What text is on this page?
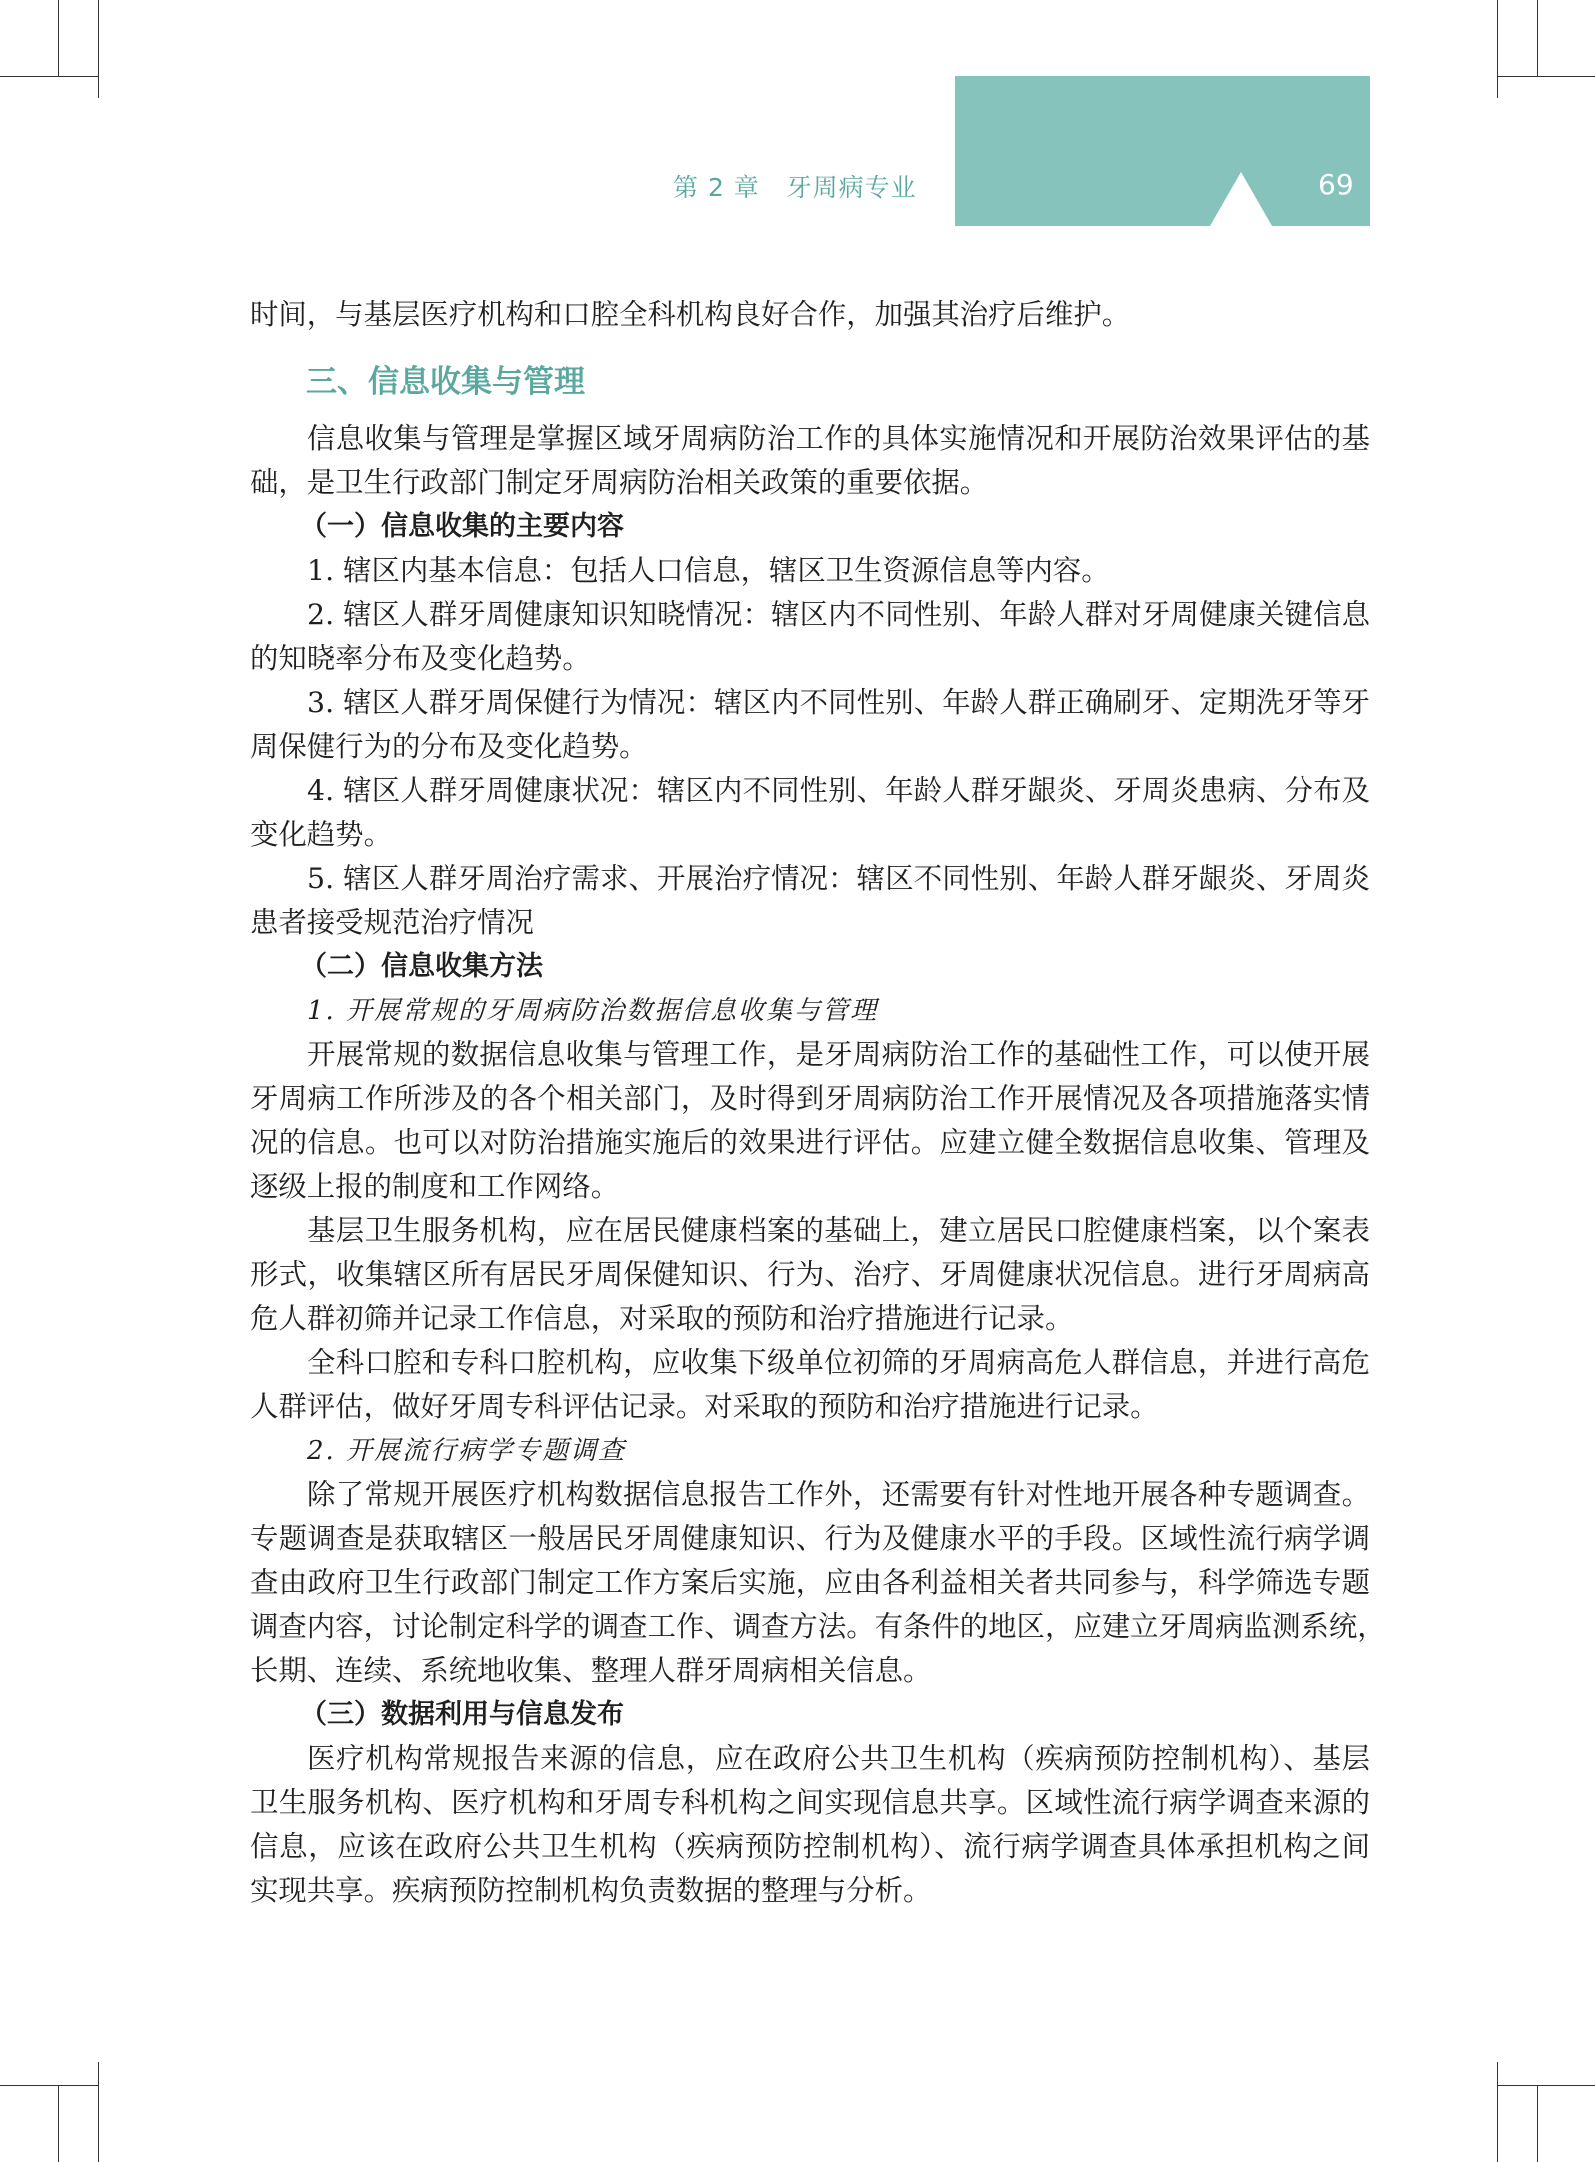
69
第 2 章   牙周病专业

时间，与基层医疗机构和口腔全科机构良好合作，加强其治疗后维护。

三、信息收集与管理

信息收集与管理是掌握区域牙周病防治工作的具体实施情况和开展防治效果评估的基

础，是卫生行政部门制定牙周病防治相关政策的重要依据。

（一）信息收集的主要内容

1. 辖区内基本信息：包括人口信息，辖区卫生资源信息等内容。

2. 辖区人群牙周健康知识知晓情况：辖区内不同性别、年龄人群对牙周健康关键信息

的知晓率分布及变化趋势。

3. 辖区人群牙周保健行为情况：辖区内不同性别、年龄人群正确刷牙、定期洗牙等牙

周保健行为的分布及变化趋势。

4. 辖区人群牙周健康状况：辖区内不同性别、年龄人群牙龈炎、牙周炎患病、分布及

变化趋势。

5. 辖区人群牙周治疗需求、开展治疗情况：辖区不同性别、年龄人群牙龈炎、牙周炎

患者接受规范治疗情况

（二）信息收集方法

1. 开展常规的牙周病防治数据信息收集与管理

开展常规的数据信息收集与管理工作，是牙周病防治工作的基础性工作，可以使开展

牙周病工作所涉及的各个相关部门，及时得到牙周病防治工作开展情况及各项措施落实情

况的信息。也可以对防治措施实施后的效果进行评估。应建立健全数据信息收集、管理及

逐级上报的制度和工作网络。

基层卫生服务机构，应在居民健康档案的基础上，建立居民口腔健康档案，以个案表

形式，收集辖区所有居民牙周保健知识、行为、治疗、牙周健康状况信息。进行牙周病高

危人群初筛并记录工作信息，对采取的预防和治疗措施进行记录。

全科口腔和专科口腔机构，应收集下级单位初筛的牙周病高危人群信息，并进行高危

人群评估，做好牙周专科评估记录。对采取的预防和治疗措施进行记录。

2. 开展流行病学专题调查

除了常规开展医疗机构数据信息报告工作外，还需要有针对性地开展各种专题调查。

专题调查是获取辖区一般居民牙周健康知识、行为及健康水平的手段。区域性流行病学调

查由政府卫生行政部门制定工作方案后实施，应由各利益相关者共同参与，科学筛选专题

调查内容，讨论制定科学的调查工作、调查方法。有条件的地区，应建立牙周病监测系统，

长期、连续、系统地收集、整理人群牙周病相关信息。

（三）数据利用与信息发布

医疗机构常规报告来源的信息，应在政府公共卫生机构（疾病预防控制机构）、基层

卫生服务机构、医疗机构和牙周专科机构之间实现信息共享。区域性流行病学调查来源的

信息，应该在政府公共卫生机构（疾病预防控制机构）、流行病学调查具体承担机构之间

实现共享。疾病预防控制机构负责数据的整理与分析。
